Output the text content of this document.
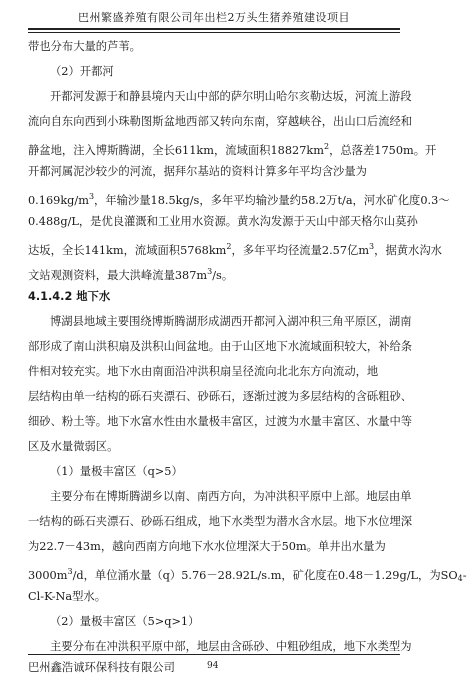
巴州繁盛养殖有限公司年出栏2万头生猪养殖建设项目
带也分布大量的芦苇。
（2）开都河
开都河发源于和静县境内天山中部的萨尔明山哈尔亥勒达坂，河流上游段
流向自东向西到小珠勒图斯盆地西部又转向东南，穿越峡谷，出山口后流经和
静盆地，注入博斯腾湖，全长611km，流域面积$18827km^2$，总落差1750m。开
开都河属泥沙较少的河流，据拜尔基站的资料计算多年平均含沙量为
$0.169kg/m^3$，年输沙量18.5kg/s，多年平均输沙量约58.2万t/a，河水矿化度0.3～
0.488g/L，是优良灌溉和工业用水资源。黄水沟发源于天山中部天格尔山莫孙
达坂，全长141km，流域面积$5768km^2$，多年平均径流量2.57亿$m^3$，据黄水沟水
文站观测资料，最大洪峰流量$387m^3/s$。
4.1.4.2 地下水
博湖县地域主要围绕博斯腾湖形成湖西开都河入湖冲积三角平原区，湖南
部形成了南山洪积扇及洪积山间盆地。由于山区地下水流域面积较大，补给条
件相对较充实。地下水由南面沿冲洪积扇呈径流向北北东方向流动，地
层结构由单一结构的砾石夹漂石、砂砾石，逐渐过渡为多层结构的含砾粗砂、
细砂、粉土等。地下水富水性由水量极丰富区，过渡为水量丰富区、水量中等
区及水量微弱区。
（1）量极丰富区（q>5）
主要分布在博斯腾湖乡以南、南西方向，为冲洪积平原中上部。地层由单
一结构的砾石夹漂石、砂砾石组成，地下水类型为潜水含水层。地下水位埋深
为22.7－43m，越向西南方向地下水水位埋深大于50m。单井出水量为
$3000m^3/d$，单位涌水量（q）5.76－28.92L/s.m，矿化度在0.48－1.29g/L，为$SO_4-$
Cl-K-Na型水。
（2）量极丰富区（5>q>1）
主要分布在冲洪积平原中部，地层由含砾砂、中粗砂组成，地下水类型为
巴州鑫浩诚环保科技有限公司	94
